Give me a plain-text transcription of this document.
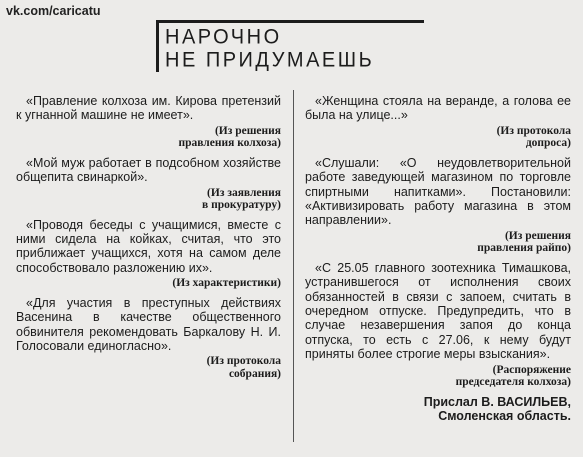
vk.com/caricatu
НАРОЧНО
НЕ ПРИДУМАЕШЬ
«Правление колхоза им. Кирова претензий к угнанной машине не имеет».
(Из решения
правления колхоза)
«Мой муж работает в подсобном хозяйстве общепита свинаркой».
(Из заявления
в прокуратуру)
«Проводя беседы с учащимися, вместе с ними сидела на койках, считая, что это приближает учащихся, хотя на самом деле способствовало разложению их».
(Из характеристики)
«Для участия в преступных действиях Васенина в качестве общественного обвинителя рекомендовать Баркалову Н. И. Голосовали единогласно».
(Из протокола
собрания)
«Женщина стояла на веранде, а голова ее была на улице...»
(Из протокола
допроса)
«Слушали: «О неудовлетворительной работе заведующей магазином по торговле спиртными напитками». Постановили: «Активизировать работу магазина в этом направлении».
(Из решения
правления райпо)
«С 25.05 главного зоотехника Тимашкова, устранившегося от исполнения своих обязанностей в связи с запоем, считать в очередном отпуске. Предупредить, что в случае незавершения запоя до конца отпуска, то есть с 27.06, к нему будут приняты более строгие меры взыскания».
(Распоряжение
председателя колхоза)
Прислал В. ВАСИЛЬЕВ,
Смоленская область.
